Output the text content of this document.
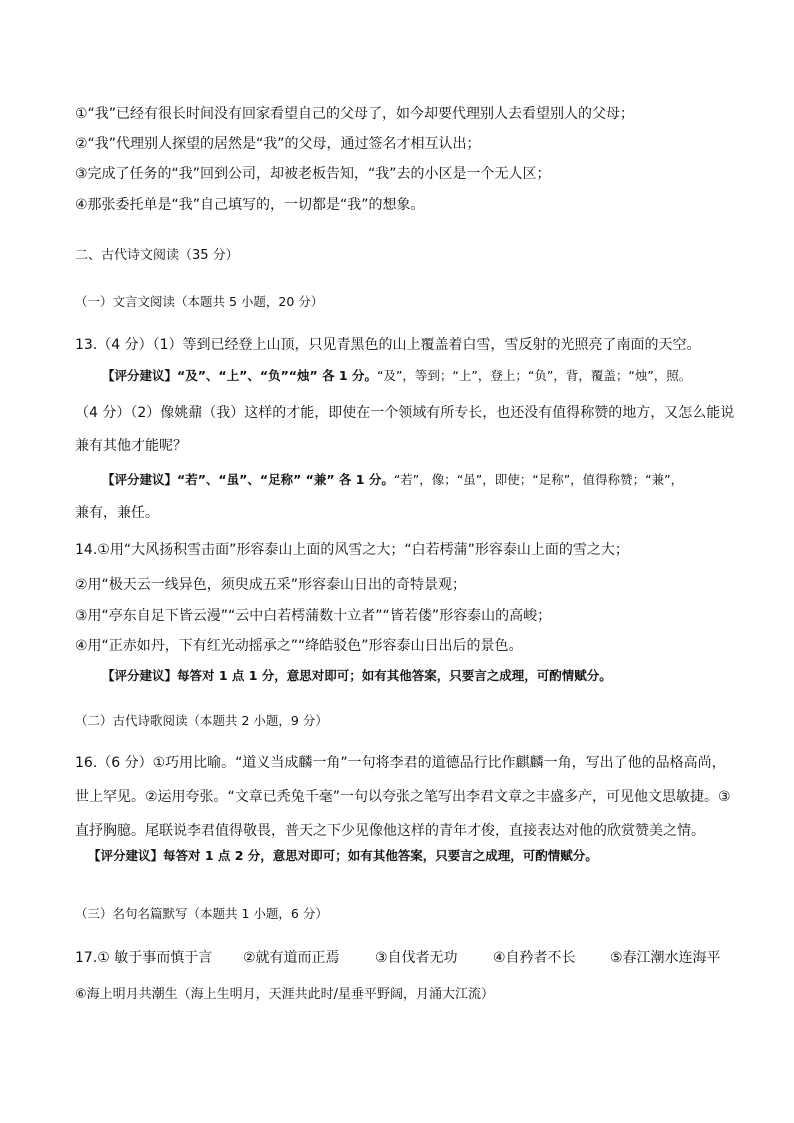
①“我”已经有很长时间没有回家看望自己的父母了，如今却要代理别人去看望别人的父母；
②“我”代理别人探望的居然是“我”的父母，通过签名才相互认出；
③完成了任务的“我”回到公司，却被老板告知，“我”去的小区是一个无人区；
④那张委托单是“我”自己填写的，一切都是“我”的想象。
二、古代诗文阅读（35 分）
（一）文言文阅读（本题共 5 小题，20 分）
13.（4 分）（1）等到已经登上山顶，只见青黑色的山上覆盖着白雪，雪反射的光照亮了南面的天空。
【评分建议】“及”、“上”、“负”“烛” 各 1 分。“及”，等到；“上”，登上；“负”，背，覆盖；“烛”，照。
（4 分）（2）像姚鼐（我）这样的才能，即使在一个领域有所专长，也还没有值得称赞的地方，又怎么能说
兼有其他才能呢？
【评分建议】“若”、“虽”、“足称” “兼” 各 1 分。“若”，像；“虽”，即使；“足称”，值得称赞；“兼”，
兼有，兼任。
14.①用“大风扬积雪击面”形容泰山上面的风雪之大；“白若樗蒲”形容泰山上面的雪之大；
②用“极天云一线异色，须臾成五采”形容泰山日出的奇特景观；
③用“亭东自足下皆云漫”“云中白若樗蒲数十立者”“皆若偻”形容泰山的高峻；
④用“正赤如丹，下有红光动摇承之”“绛皓驳色”形容泰山日出后的景色。
【评分建议】每答对 1 点 1 分，意思对即可；如有其他答案，只要言之成理，可酌情赋分。
（二）古代诗歌阅读（本题共 2 小题，9 分）
16.（6 分）①巧用比喻。“道义当成麟一角”一句将李君的道德品行比作麒麟一角，写出了他的品格高尚，
世上罕见。②运用夸张。“文章已秃兔千毫”一句以夸张之笔写出李君文章之丰盛多产，可见他文思敏捷。③
直抒胸臆。尾联说李君值得敬畏，普天之下少见像他这样的青年才俊，直接表达对他的欣赏赞美之情。
【评分建议】每答对 1 点 2 分，意思对即可；如有其他答案，只要言之成理，可酌情赋分。
（三）名句名篇默写（本题共 1 小题，6 分）
17.① 敏于事而慎于言 ②就有道而正焉	③自伐者无功	④自矜者不长 ⑤春江潮水连海平
⑥海上明月共潮生（海上生明月，天涯共此时/星垂平野阔，月涌大江流）
